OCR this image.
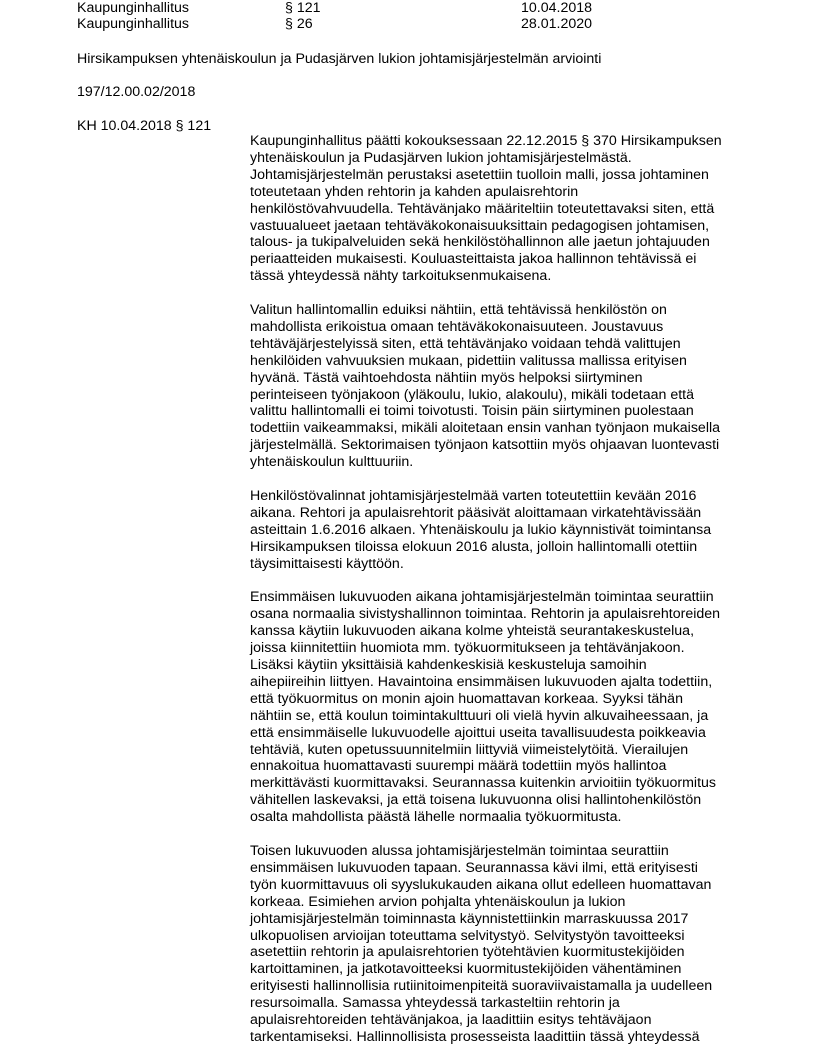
Kaupunginhallitus	§ 121	10.04.2018
Kaupunginhallitus	§ 26	28.01.2020
Hirsikampuksen yhtenäiskoulun ja Pudasjärven lukion johtamisjärjestelmän arviointi
197/12.00.02/2018
KH 10.04.2018 § 121
Kaupunginhallitus päätti kokouksessaan 22.12.2015 § 370 Hirsikampuksen
yhtenäiskoulun ja Pudasjärven lukion johtamisjärjestelmästä.
Johtamisjärjestelmän perustaksi asetettiin tuolloin malli, jossa johtaminen
toteutetaan yhden rehtorin ja kahden apulaisrehtorin
henkilöstövahvuudella. Tehtävänjako määriteltiin toteutettavaksi siten, että
vastuualueet jaetaan tehtäväkokonaisuuksittain pedagogisen johtamisen,
talous- ja tukipalveluiden sekä henkilöstöhallinnon alle jaetun johtajuuden
periaatteiden mukaisesti. Kouluasteittaista jakoa hallinnon tehtävissä ei
tässä yhteydessä nähty tarkoituksenmukaisena.
Valitun hallintomallin eduiksi nähtiin, että tehtävissä henkilöstön on
mahdollista erikoistua omaan tehtäväkokonaisuuteen. Joustavuus
tehtäväjärjestelyissä siten, että tehtävänjako voidaan tehdä valittujen
henkilöiden vahvuuksien mukaan, pidettiin valitussa mallissa erityisen
hyvänä. Tästä vaihtoehdosta nähtiin myös helpoksi siirtyminen
perinteiseen työnjakoon (yläkoulu, lukio, alakoulu), mikäli todetaan että
valittu hallintomalli ei toimi toivotusti. Toisin päin siirtyminen puolestaan
todettiin vaikeammaksi, mikäli aloitetaan ensin vanhan työnjaon mukaisella
järjestelmällä. Sektorimaisen työnjaon katsottiin myös ohjaavan luontevasti
yhtenäiskoulun kulttuuriin.
Henkilöstövalinnat johtamisjärjestelmää varten toteutettiin kevään 2016
aikana. Rehtori ja apulaisrehtorit pääsivät aloittamaan virkatehtävissään
asteittain 1.6.2016 alkaen. Yhtenäiskoulu ja lukio käynnistivät toimintansa
Hirsikampuksen tiloissa elokuun 2016 alusta, jolloin hallintomalli otettiin
täysimittaisesti käyttöön.
Ensimmäisen lukuvuoden aikana johtamisjärjestelmän toimintaa seurattiin
osana normaalia sivistyshallinnon toimintaa. Rehtorin ja apulaisrehtoreiden
kanssa käytiin lukuvuoden aikana kolme yhteistä seurantakeskustelua,
joissa kiinnitettiin huomiota mm. työkuormitukseen ja tehtävänjakoon.
Lisäksi käytiin yksittäisiä kahdenkeskisiä keskusteluja samoihin
aihepiireihin liittyen. Havaintoina ensimmäisen lukuvuoden ajalta todettiin,
että työkuormitus on monin ajoin huomattavan korkeaa. Syyksi tähän
nähtiin se, että koulun toimintakulttuuri oli vielä hyvin alkuvaiheessaan, ja
että ensimmäiselle lukuvuodelle ajoittui useita tavallisuudesta poikkeavia
tehtäviä, kuten opetussuunnitelmiin liittyviä viimeistelytöitä. Vierailujen
ennakoitua huomattavasti suurempi määrä todettiin myös hallintoa
merkittävästi kuormittavaksi. Seurannassa kuitenkin arvioitiin työkuormitus
vähitellen laskevaksi, ja että toisena lukuvuonna olisi hallintohenkilöstön
osalta mahdollista päästä lähelle normaalia työkuormitusta.
Toisen lukuvuoden alussa johtamisjärjestelmän toimintaa seurattiin
ensimmäisen lukuvuoden tapaan. Seurannassa kävi ilmi, että erityisesti
työn kuormittavuus oli syyslukukauden aikana ollut edelleen huomattavan
korkeaa. Esimiehen arvion pohjalta yhtenäiskoulun ja lukion
johtamisjärjestelmän toiminnasta käynnistettiinkin marraskuussa 2017
ulkopuolisen arvioijan toteuttama selvitystyö. Selvitystyön tavoitteeksi
asetettiin rehtorin ja apulaisrehtorien työtehtävien kuormitustekijöiden
kartoittaminen, ja jatkotavoitteeksi kuormitustekijöiden vähentäminen
erityisesti hallinnollisia rutiinitoimenpiteitä suoraviivaistamalla ja uudelleen
resursoimalla. Samassa yhteydessä tarkasteltiin rehtorin ja
apulaisrehtoreiden tehtävänjakoa, ja laadittiin esitys tehtäväjaon
tarkentamiseksi. Hallinnollisista prosesseista laadittiin tässä yhteydessä
